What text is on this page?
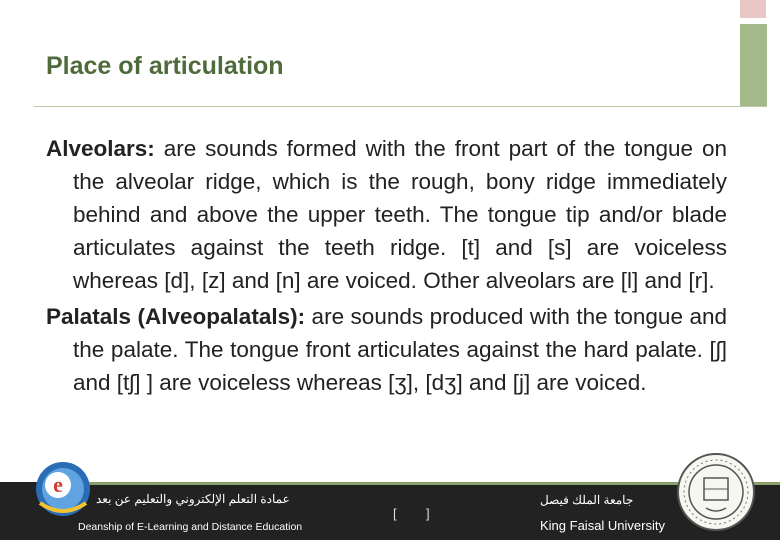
Place of articulation

Alveolars: are sounds formed with the front part of the tongue on the alveolar ridge, which is the rough, bony ridge immediately behind and above the upper teeth. The tongue tip and/or blade articulates against the teeth ridge. [t] and [s] are voiceless whereas [d], [z] and [n] are voiced. Other alveolars are [l] and [r].

Palatals (Alveopalatals): are sounds produced with the tongue and the palate. The tongue front articulates against the hard palate. [ʃ] and [tʃ] ] are voiceless whereas [ʒ], [dʒ] and [j] are voiced.

e
عمادة التعلم الإلكتروني والتعليم عن بعد
Deanship of E-Learning and Distance Education
[ ]
جامعة الملك فيصل
King Faisal University
